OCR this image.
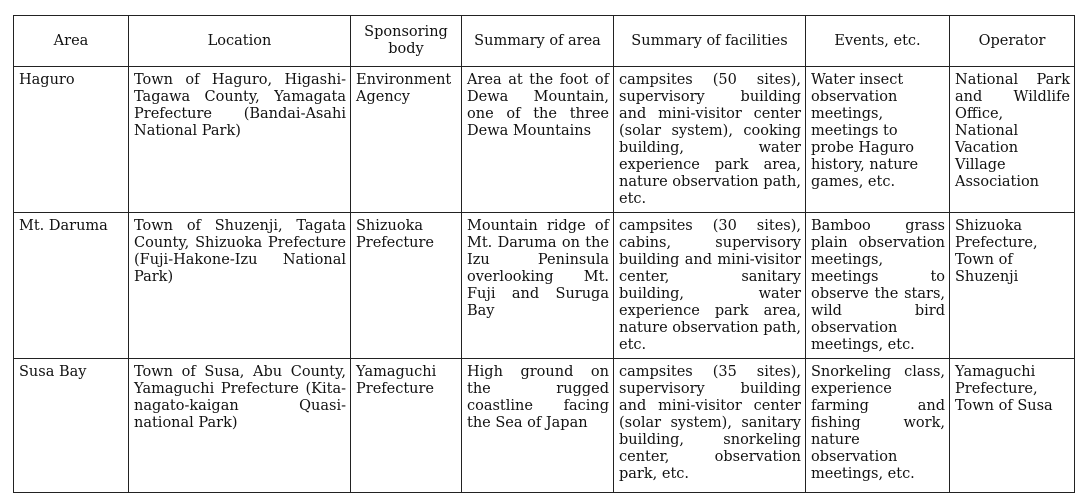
Area	Location	Sponsoring body	Summary of area	Summary of facilities	Events, etc.	Operator
Haguro	Town of Haguro, Higashi-Tagawa County, Yamagata Prefecture (Bandai-Asahi National Park)	Environment Agency	Area at the foot of Dewa Mountain, one of the three Dewa Mountains	campsites (50 sites), supervisory building and mini-visitor center (solar system), cooking building, water experience park area, nature observation path, etc.	Water insect observation meetings, meetings to probe Haguro history, nature games, etc.	National Park and Wildlife Office, National Vacation Village Association
Mt. Daruma	Town of Shuzenji, Tagata County, Shizuoka Prefecture (Fuji-Hakone-Izu National Park)	Shizuoka Prefecture	Mountain ridge of Mt. Daruma on the Izu Peninsula overlooking Mt. Fuji and Suruga Bay	campsites (30 sites), cabins, supervisory building and mini-visitor center, sanitary building, water experience park area, nature observation path, etc.	Bamboo grass plain observation meetings, meetings to observe the stars, wild bird observation meetings, etc.	Shizuoka Prefecture, Town of Shuzenji
Susa Bay	Town of Susa, Abu County, Yamaguchi Prefecture (Kita-nagato-kaigan Quasi-national Park)	Yamaguchi Prefecture	High ground on the rugged coastline facing the Sea of Japan	campsites (35 sites), supervisory building and mini-visitor center (solar system), sanitary building, snorkeling center, observation park, etc.	Snorkeling class, experience farming and fishing work, nature observation meetings, etc.	Yamaguchi Prefecture, Town of Susa
